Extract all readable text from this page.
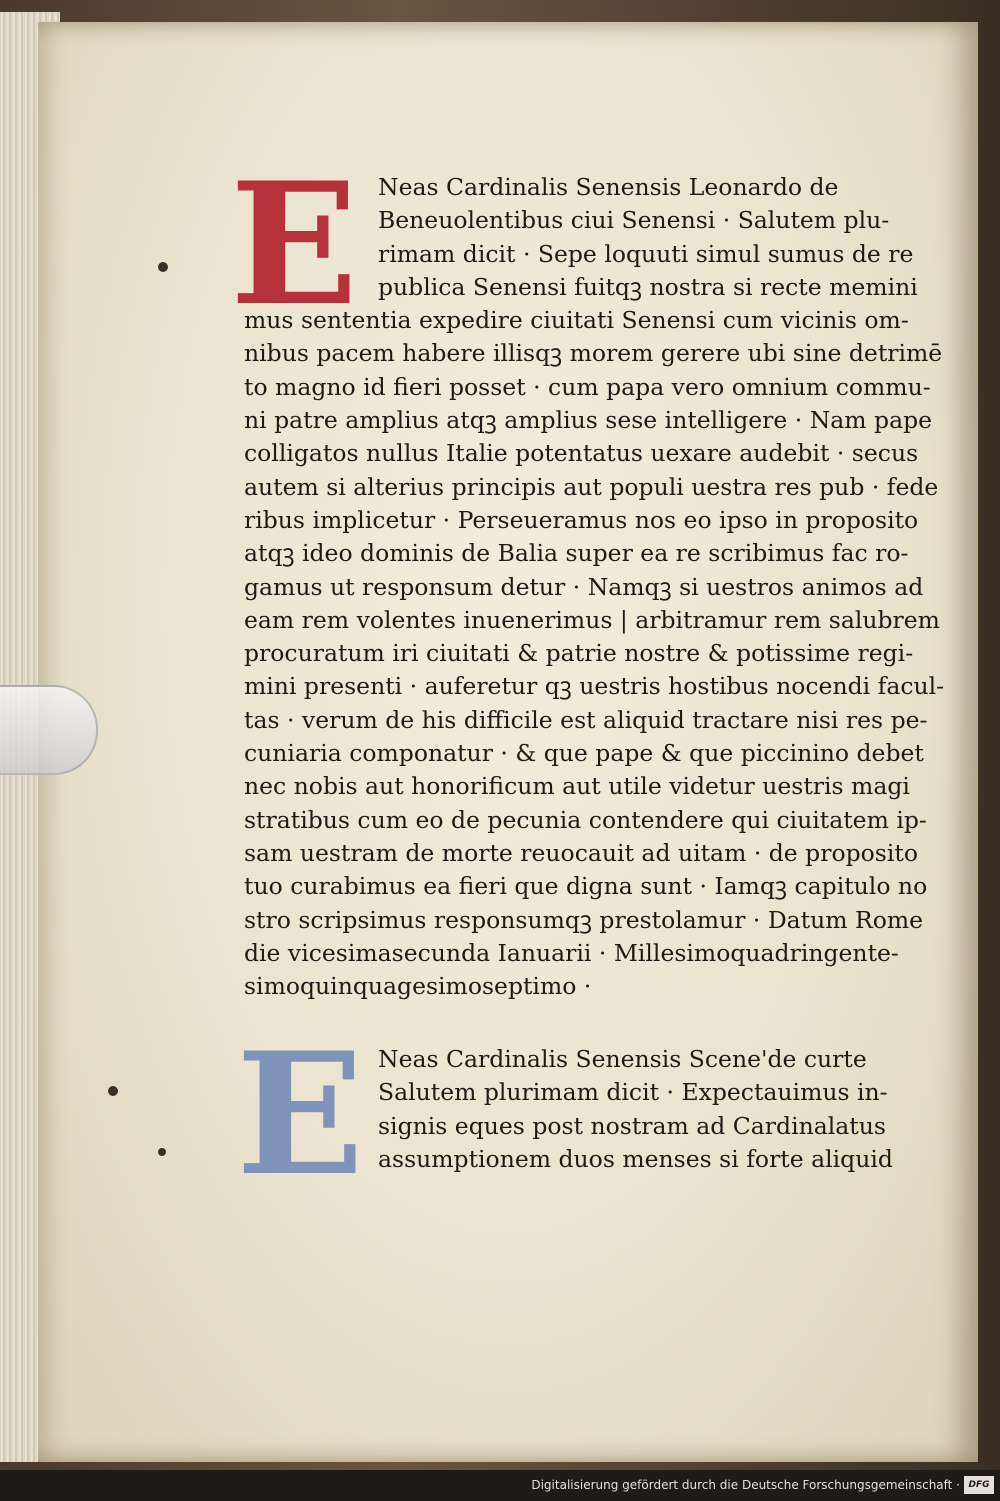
E Neas Cardinalis Senensis Leonardo de
Beneuolentibus ciui Senensi · Salutem plu-
rimam dicit · Sepe loquuti simul sumus de re
publica Senensi fuitqꝫ nostra si recte memini
mus sententia expedire ciuitati Senensi cum vicinis om-
nibus pacem habere illisqꝫ morem gerere ubi sine detrimē
to magno id fieri posset · cum papa vero omnium commu-
ni patre amplius atqꝫ amplius sese intelligere · Nam pape
colligatos nullus Italie potentatus uexare audebit · secus
autem si alterius principis aut populi uestra res pub · fede
ribus implicetur · Perseueramus nos eo ipso in proposito
atqꝫ ideo dominis de Balia super ea re scribimus fac ro-
gamus ut responsum detur · Namqꝫ si uestros animos ad
eam rem volentes inuenerimus | arbitramur rem salubrem
procuratum iri ciuitati & patrie nostre & potissime regi-
mini presenti · auferetur qꝫ uestris hostibus nocendi facul-
tas · verum de his difficile est aliquid tractare nisi res pe-
cuniaria componatur · & que pape & que piccinino debet
nec nobis aut honorificum aut utile videtur uestris magi
stratibus cum eo de pecunia contendere qui ciuitatem ip-
sam uestram de morte reuocauit ad uitam · de proposito
tuo curabimus ea fieri que digna sunt · Iamqꝫ capitulo no
stro scripsimus responsumqꝫ prestolamur · Datum Rome
die vicesimasecunda Ianuarii · Millesimoquadringente-
simoquinquagesimoseptimo ·
E Neas Cardinalis Senensis Scene'de curte
Salutem plurimam dicit · Expectauimus in-
signis eques post nostram ad Cardinalatus
assumptionem duos menses si forte aliquid
Digitalisierung gefördert durch die Deutsche Forschungsgemeinschaft · DFG
